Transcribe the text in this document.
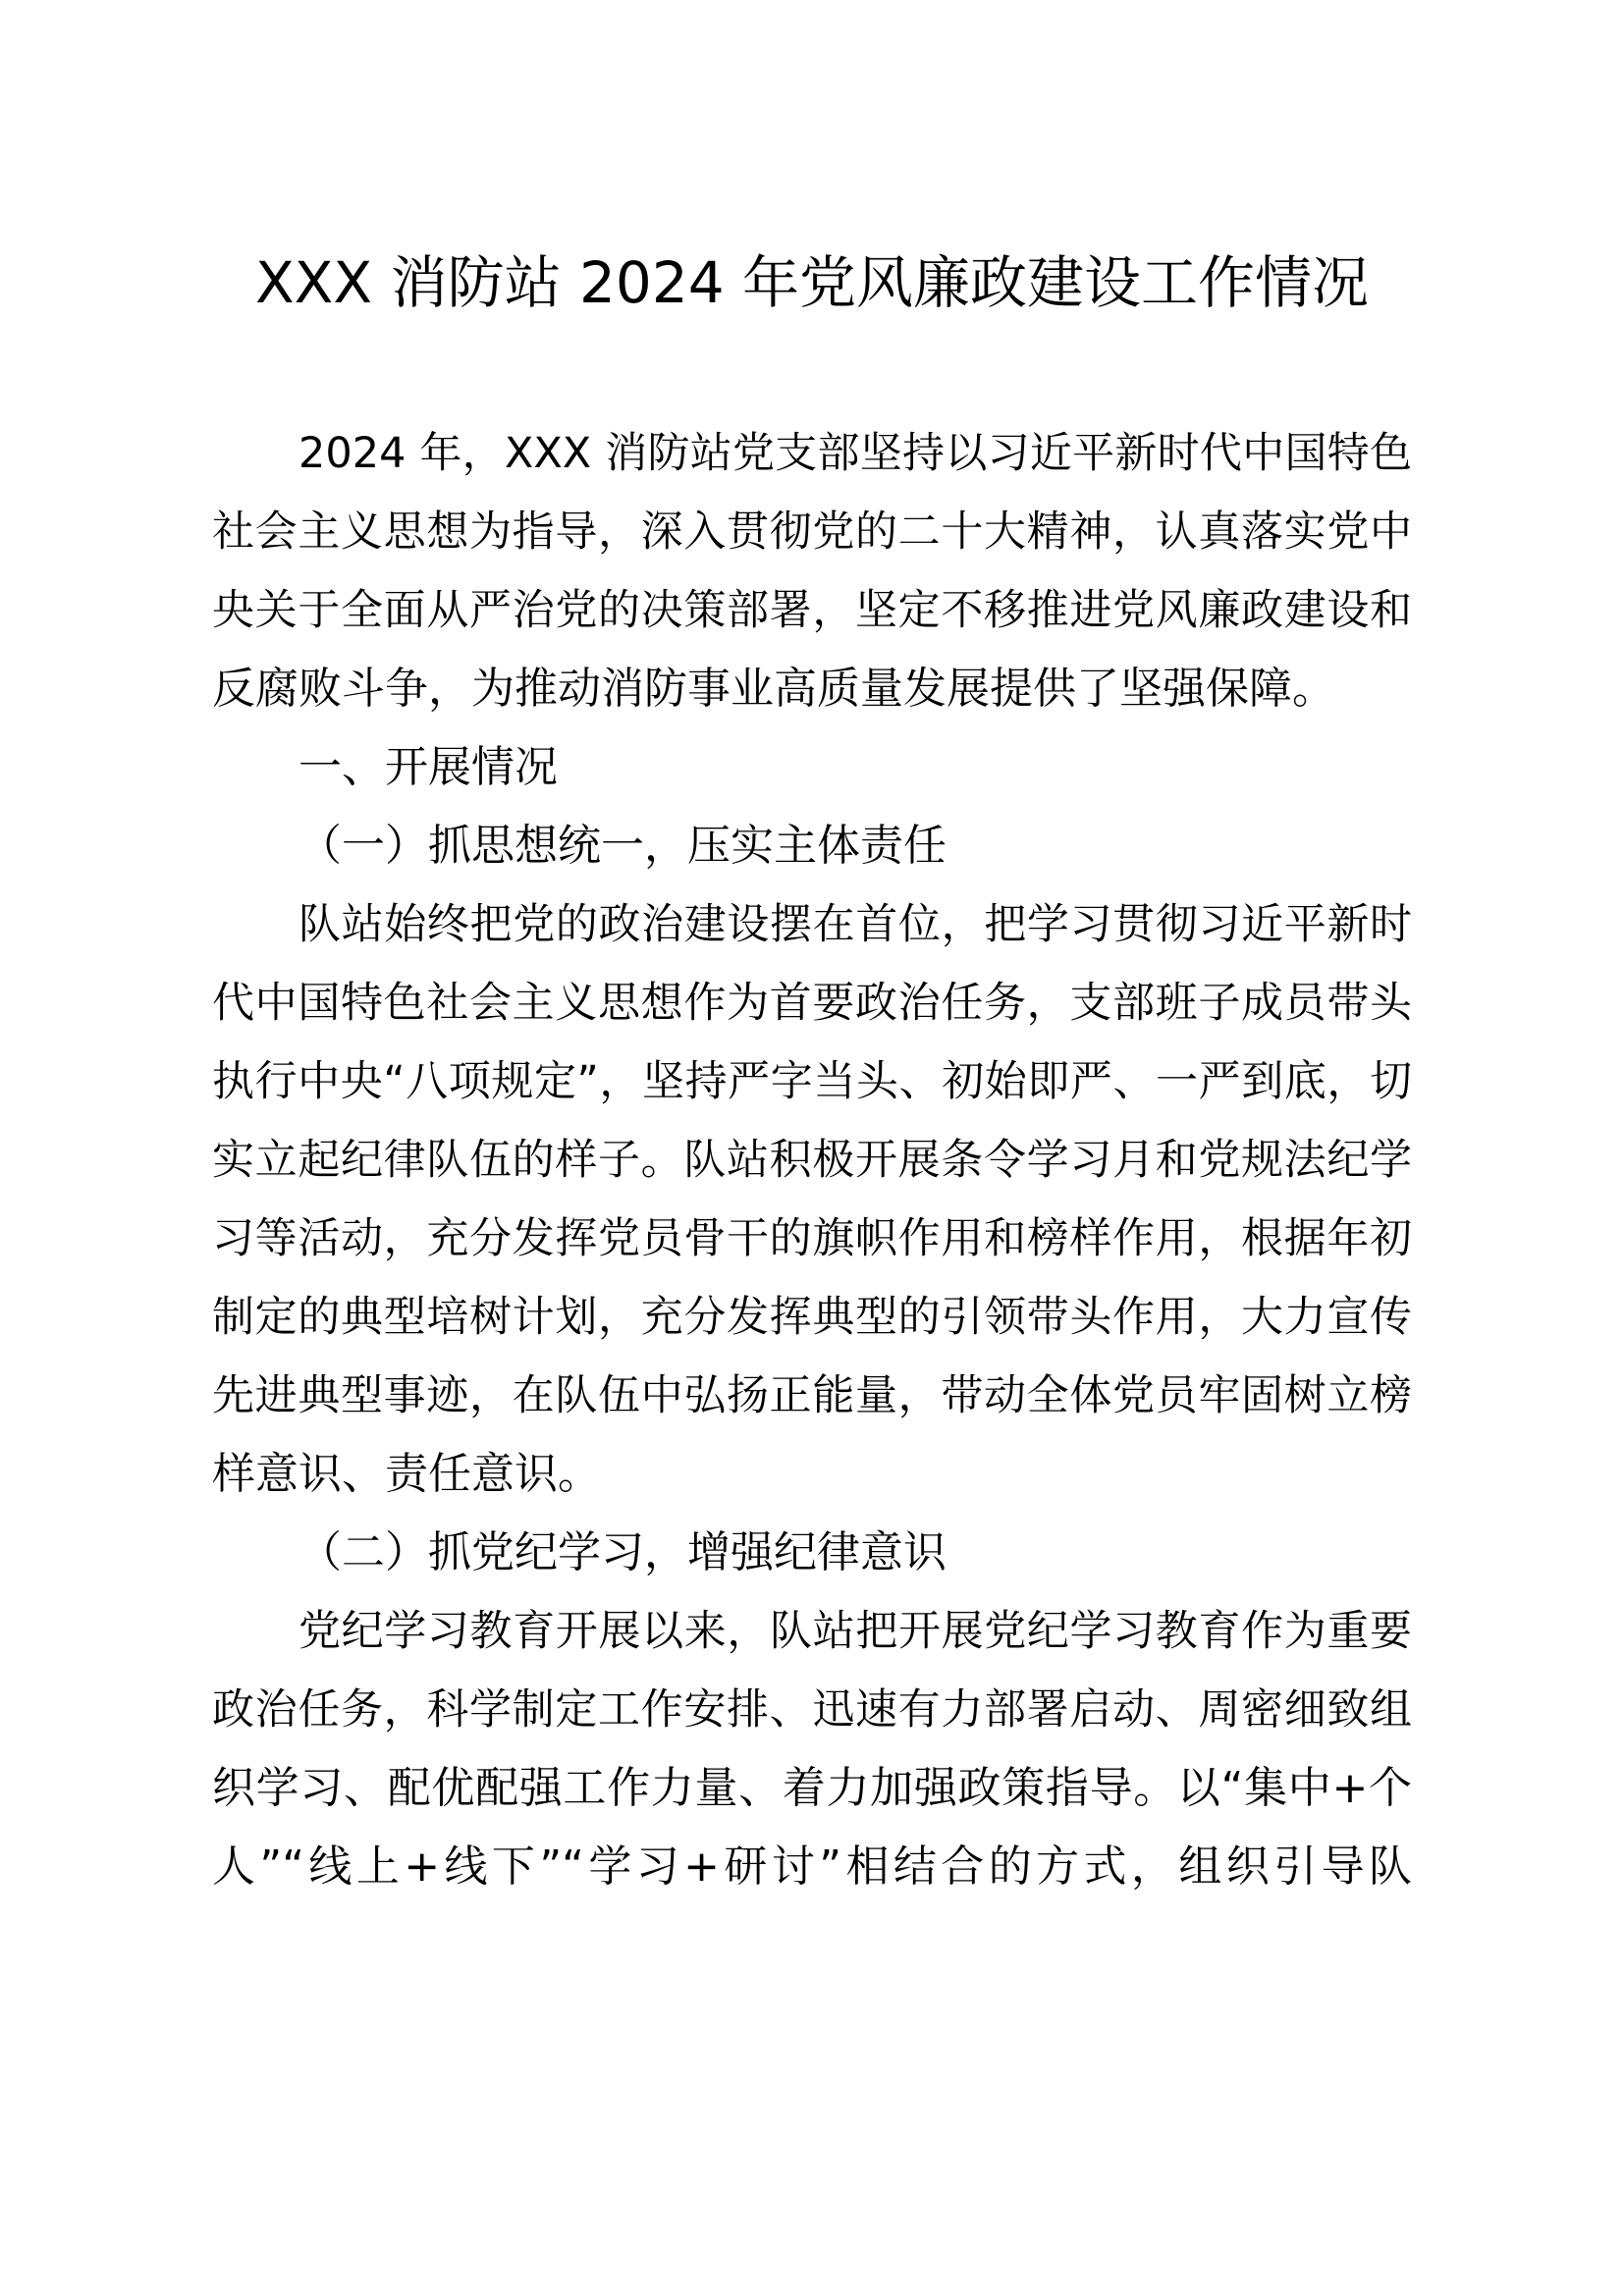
XXX 消防站 2024 年党风廉政建设工作情况

2024 年，XXX 消防站党支部坚持以习近平新时代中国特色

社会主义思想为指导，深入贯彻党的二十大精神，认真落实党中

央关于全面从严治党的决策部署，坚定不移推进党风廉政建设和

反腐败斗争，为推动消防事业高质量发展提供了坚强保障。

一、开展情况

（一）抓思想统一，压实主体责任

队站始终把党的政治建设摆在首位，把学习贯彻习近平新时

代中国特色社会主义思想作为首要政治任务，支部班子成员带头

执行中央“八项规定”，坚持严字当头、初始即严、一严到底，切

实立起纪律队伍的样子。队站积极开展条令学习月和党规法纪学

习等活动，充分发挥党员骨干的旗帜作用和榜样作用，根据年初

制定的典型培树计划，充分发挥典型的引领带头作用，大力宣传

先进典型事迹，在队伍中弘扬正能量，带动全体党员牢固树立榜

样意识、责任意识。

（二）抓党纪学习，增强纪律意识

党纪学习教育开展以来，队站把开展党纪学习教育作为重要

政治任务，科学制定工作安排、迅速有力部署启动、周密细致组

织学习、配优配强工作力量、着力加强政策指导。以“集中+个

人”“线上+线下”“学习+研讨”相结合的方式，组织引导队
